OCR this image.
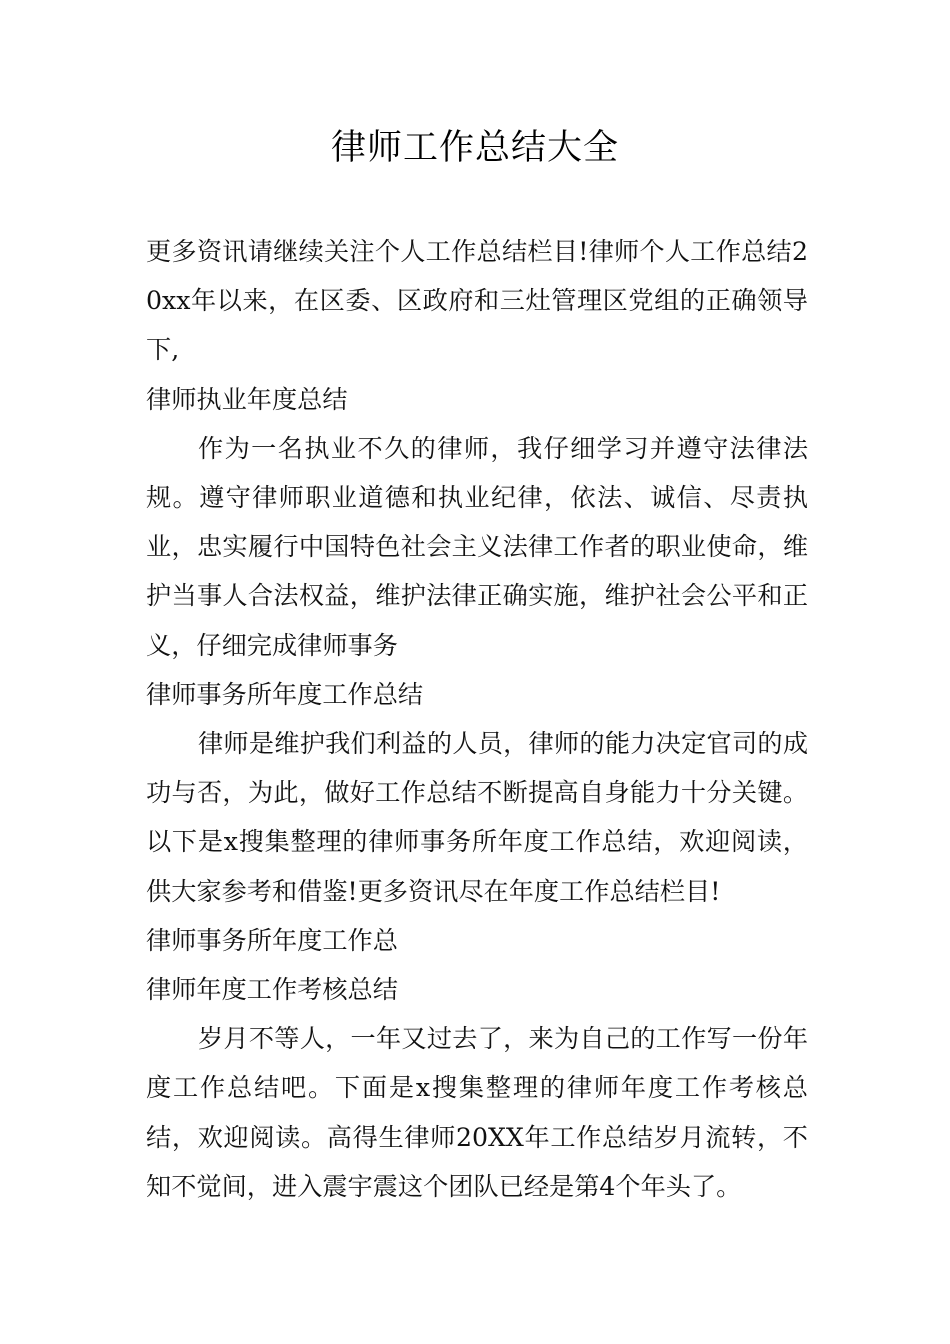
律师工作总结大全

更多资讯请继续关注个人工作总结栏目!律师个人工作总结20xx年以来，在区委、区政府和三灶管理区党组的正确领导下,

律师执业年度总结

作为一名执业不久的律师，我仔细学习并遵守法律法规。遵守律师职业道德和执业纪律，依法、诚信、尽责执业，忠实履行中国特色社会主义法律工作者的职业使命，维护当事人合法权益，维护法律正确实施，维护社会公平和正义，仔细完成律师事务

律师事务所年度工作总结

律师是维护我们利益的人员，律师的能力决定官司的成功与否，为此，做好工作总结不断提高自身能力十分关键。以下是x搜集整理的律师事务所年度工作总结，欢迎阅读，供大家参考和借鉴!更多资讯尽在年度工作总结栏目!

律师事务所年度工作总

律师年度工作考核总结

岁月不等人，一年又过去了，来为自己的工作写一份年度工作总结吧。下面是x搜集整理的律师年度工作考核总结，欢迎阅读。高得生律师20XX年工作总结岁月流转，不知不觉间，进入震宇震这个团队已经是第4个年头了。
